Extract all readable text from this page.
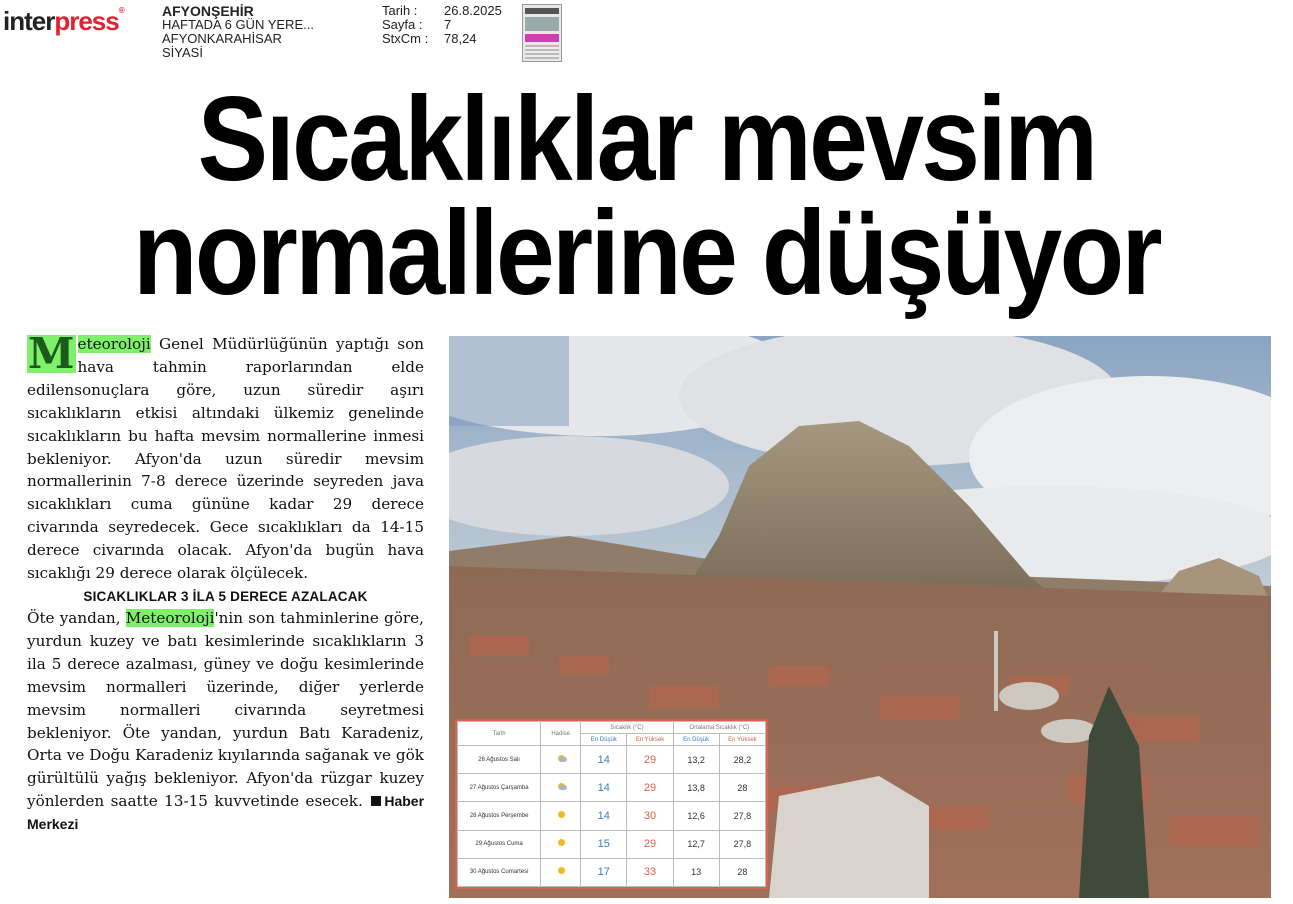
interpress®	AFYONŞEHİR
HAFTADA 6 GÜN YERE...
AFYONKARAHİSAR
SİYASİ
Tarih :	26.8.2025
Sayfa :	7
StxCm :	78,24
Sıcaklıklar mevsim
normallerine düşüyor

M eteoroloji Genel Müdürlüğünün yaptığı son hava tahmin raporlarından elde edilensonuçlara göre, uzun süredir aşırı sıcaklıkların etkisi altındaki ülkemiz genelinde sıcaklıkların bu hafta mevsim normallerine inmesi bekleniyor. Afyon'da uzun süredir mevsim normallerinin 7-8 derece üzerinde seyreden java sıcaklıkları cuma gününe kadar 29 derece civarında seyredecek. Gece sıcaklıkları da 14-15 derece civarında olacak. Afyon'da bugün hava sıcaklığı 29 derece olarak ölçülecek.

SICAKLIKLAR 3 İLA 5 DERECE AZALACAK

Öte yandan, Meteoroloji'nin son tahminlerine göre, yurdun kuzey ve batı kesimlerinde sıcaklıkların 3 ila 5 derece azalması, güney ve doğu kesimlerinde mevsim normalleri üzerinde, diğer yerlerde mevsim normalleri civarında seyretmesi bekleniyor. Öte yandan, yurdun Batı Karadeniz, Orta ve Doğu Karadeniz kıyılarında sağanak ve gök gürültülü yağış bekleniyor. Afyon'da rüzgar kuzey yönlerden saatte 13-15 kuvvetinde esecek. Haber Merkezi

Tarih	Hadise	Sıcaklık (°C)		Ortalama Sıcaklık (°C)	
		En Düşük	En Yüksek	En Düşük	En Yüksek
26 Ağustos Salı		14	29	13,2	28,2
27 Ağustos Çarşamba		14	29	13,8	28
28 Ağustos Perşembe		14	30	12,6	27,8
29 Ağustos Cuma		15	29	12,7	27,8
30 Ağustos Cumartesi		17	33	13	28
